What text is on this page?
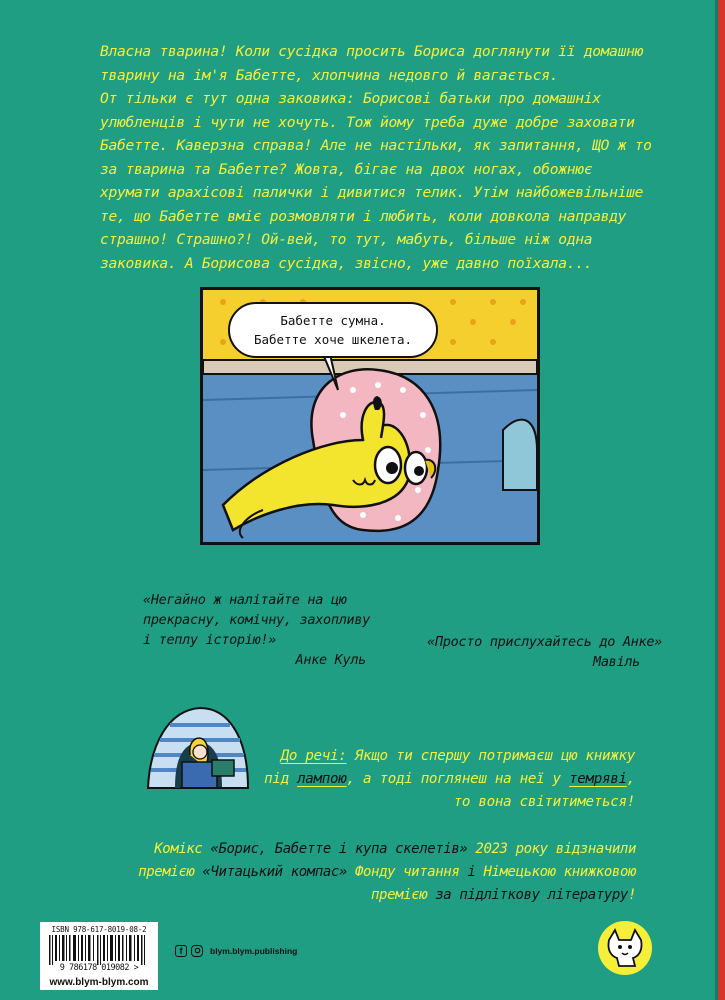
Власна тварина! Коли сусідка просить Бориса доглянути її домашню тварину на ім'я Бабетте, хлопчина недовго й вагається.

От тільки є тут одна заковика: Борисові батьки про домашніх улюбленців і чути не хочуть. Тож йому треба дуже добре заховати Бабетте. Каверзна справа! Але не настільки, як запитання, ЩО ж то за тварина та Бабетте? Жовта, бігає на двох ногах, обожнює хрумати арахісові палички і дивитися телик. Утім найбожевільніше те, що Бабетте вміє розмовляти і любить, коли довкола направду страшно! Страшно?! Ой-вей, то тут, мабуть, більше ніж одна заковика. А Борисова сусідка, звісно, уже давно поїхала...

Бабетте сумна.
Бабетте хоче шкелета.
«Негайно ж налітайте на цю прекрасну, комічну, захопливу і теплу історію!»
Анке Куль
«Просто прислухайтесь до Анке»
Мавіль
До речі: Якщо ти спершу потримаєш цю книжку під лампою, а тоді поглянеш на неї у темряві, то вона світитиметься!
Комікс «Борис, Бабетте і купа скелетів» 2023 року відзначили премією «Читацький компас» Фонду читання і Німецькою книжковою премією за підліткову літературу!
ISBN 978-617-8019-08-2
9 786178 019082 >
www.blym-blym.com
f	blym.blym.publishing
